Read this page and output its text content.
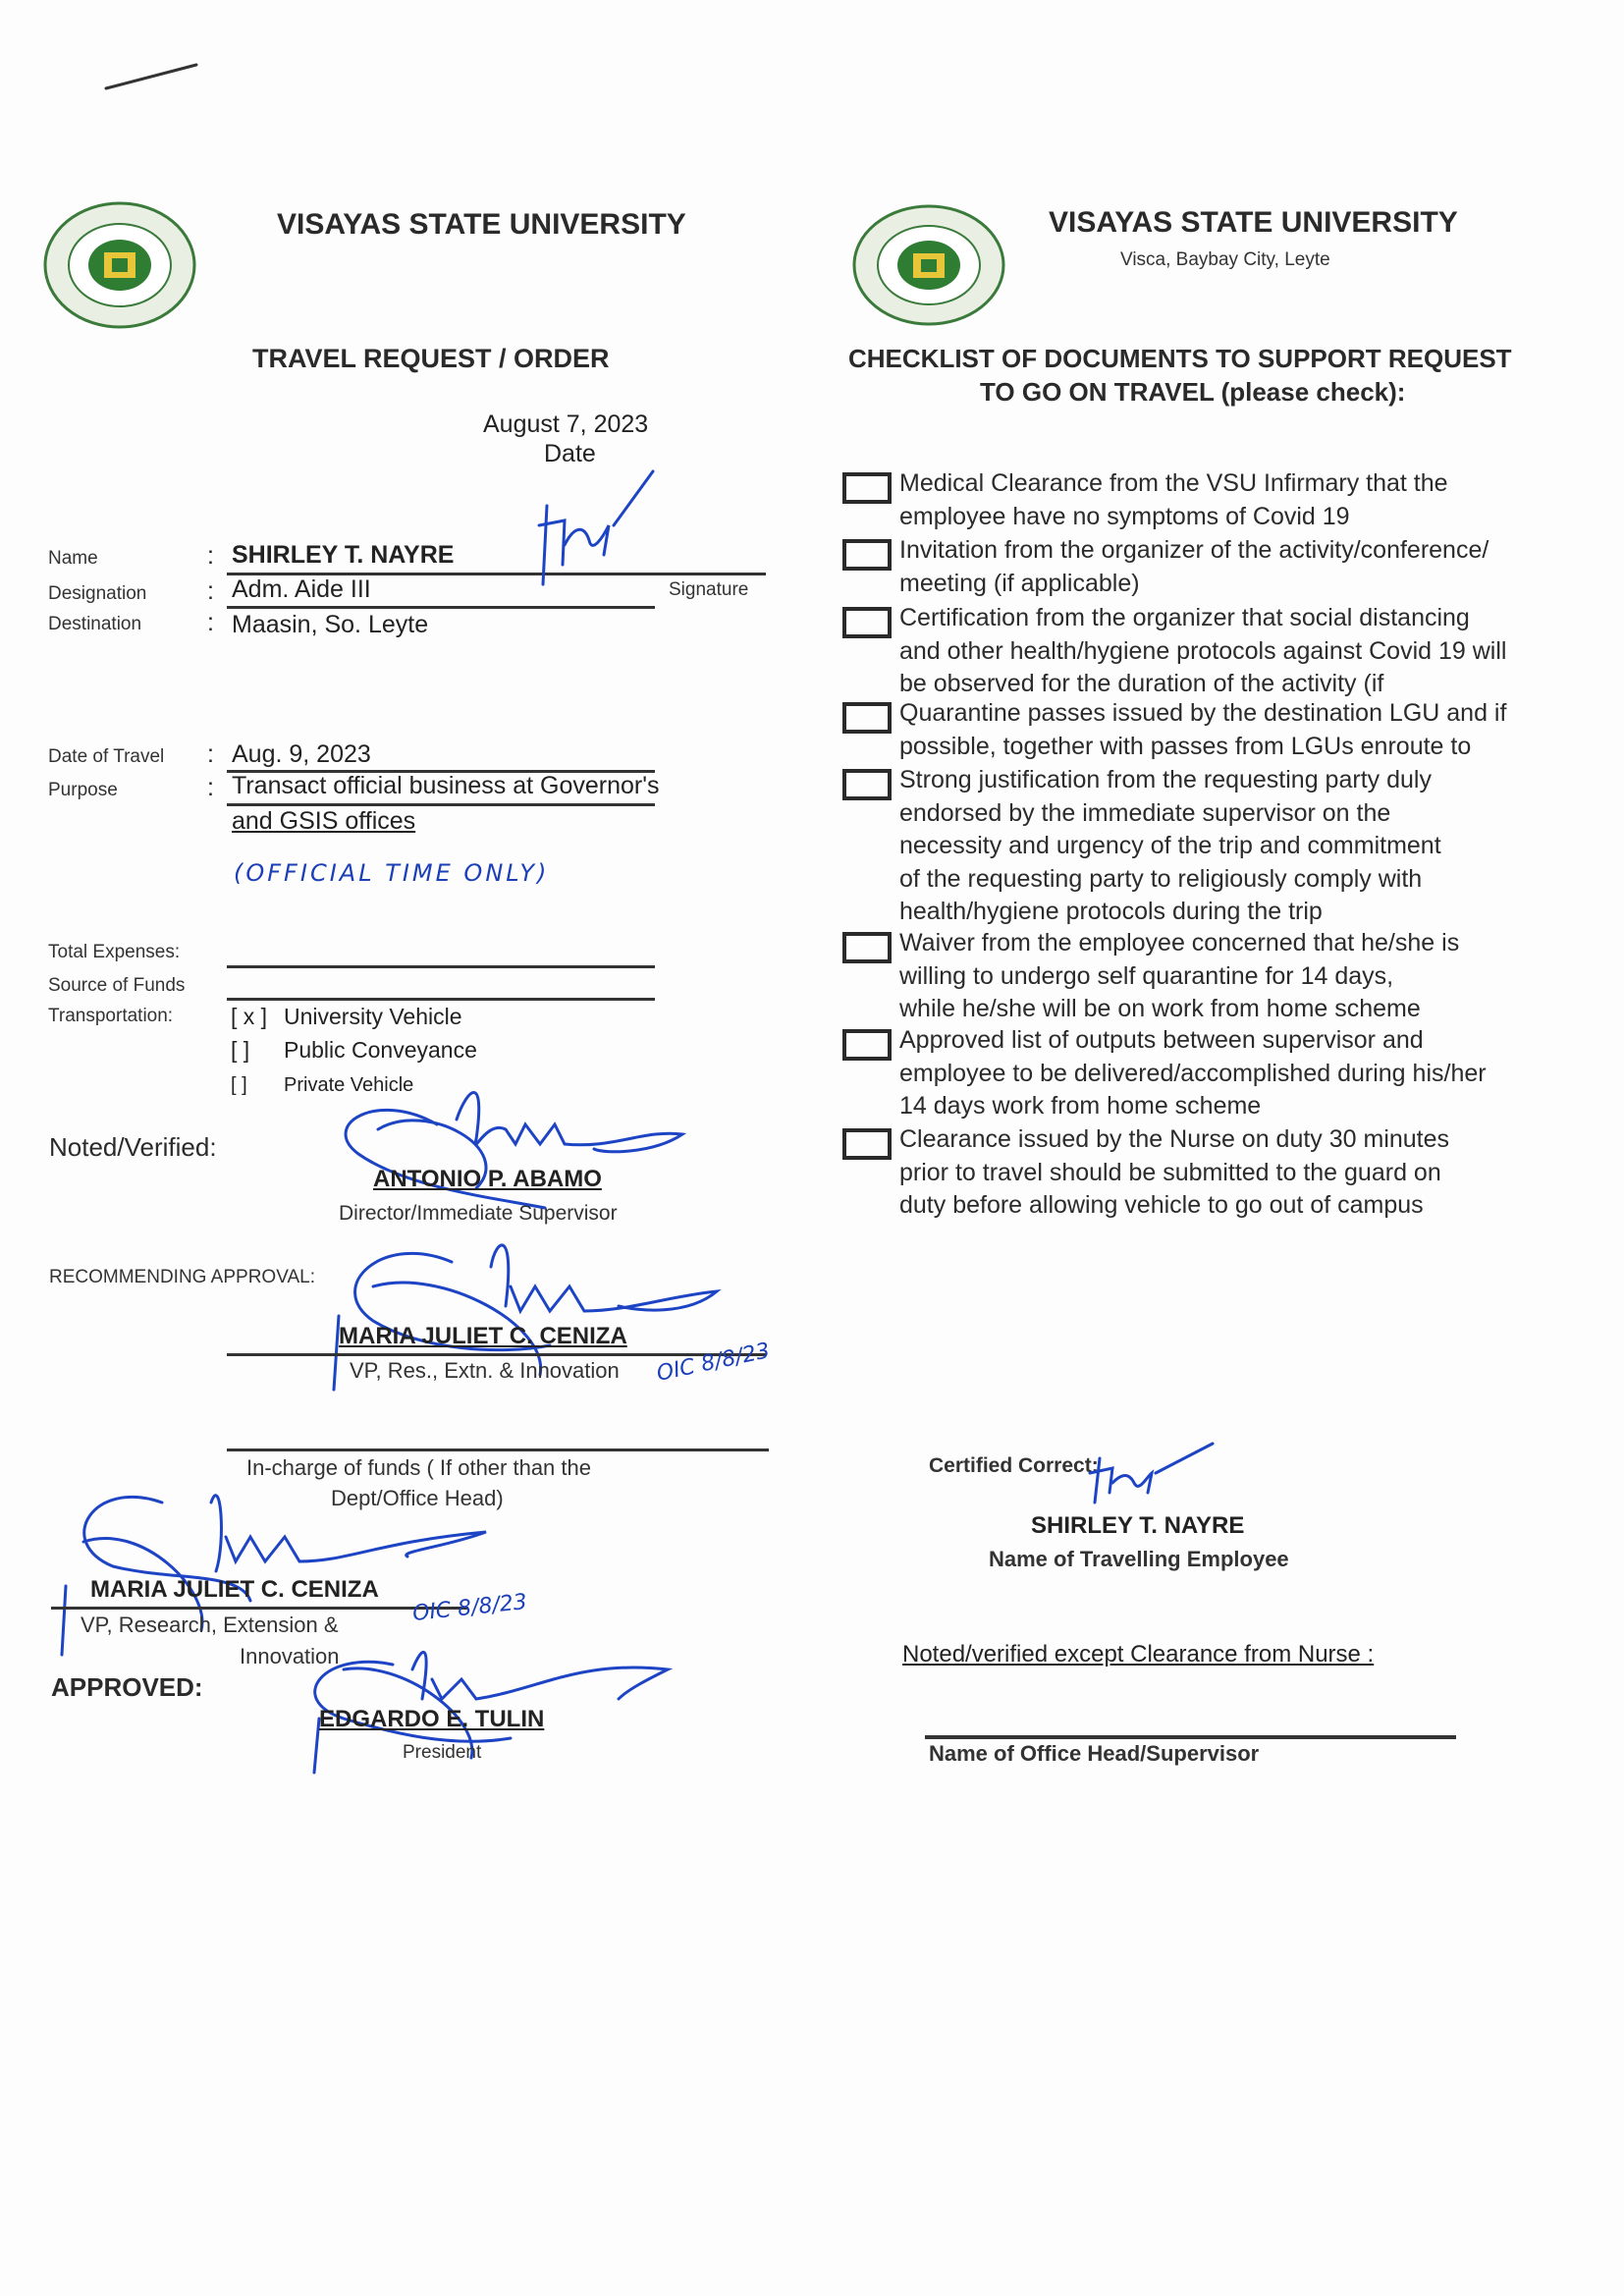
VISAYAS STATE UNIVERSITY
TRAVEL REQUEST / ORDER
August 7, 2023
Date
Name	: SHIRLEY T. NAYRE
Designation : Adm. Aide III	Signature
Destination	: Maasin, So. Leyte
Date of Travel : Aug. 9, 2023
Purpose	: Transact official business at Governor's
and GSIS offices
(OFFICIAL TIME ONLY)
Total Expenses:
Source of Funds
Transportation:	[ x ] University Vehicle
[ ] Public Conveyance
[ ] Private Vehicle
Noted/Verified:
ANTONIO P. ABAMO
Director/Immediate Supervisor
RECOMMENDING APPROVAL:
MARIA JULIET C. CENIZA
VP, Res., Extn. & Innovation OIC 8/8/23
In-charge of funds ( If other than the
Dept/Office Head)
MARIA JULIET C. CENIZA
OIC 8/8/23
VP, Research, Extension &
Innovation
APPROVED:
EDGARDO E. TULIN
President
VISAYAS STATE UNIVERSITY
Visca, Baybay City, Leyte
CHECKLIST OF DOCUMENTS TO SUPPORT REQUEST
TO GO ON TRAVEL (please check):
Medical Clearance from the VSU Infirmary that the
employee have no symptoms of Covid 19
Invitation from the organizer of the activity/conference/
meeting (if applicable)
Certification from the organizer that social distancing
and other health/hygiene protocols against Covid 19 will
be observed for the duration of the activity (if
Quarantine passes issued by the destination LGU and if
possible, together with passes from LGUs enroute to
Strong justification from the requesting party duly
endorsed by the immediate supervisor on the
necessity and urgency of the trip and commitment
of the requesting party to religiously comply with
health/hygiene protocols during the trip
Waiver from the employee concerned that he/she is
willing to undergo self quarantine for 14 days,
while he/she will be on work from home scheme
Approved list of outputs between supervisor and
employee to be delivered/accomplished during his/her
14 days work from home scheme
Clearance issued by the Nurse on duty 30 minutes
prior to travel should be submitted to the guard on
duty before allowing vehicle to go out of campus
Certified Correct:
SHIRLEY T. NAYRE
Name of Travelling Employee
Noted/verified except Clearance from Nurse :
Name of Office Head/Supervisor
